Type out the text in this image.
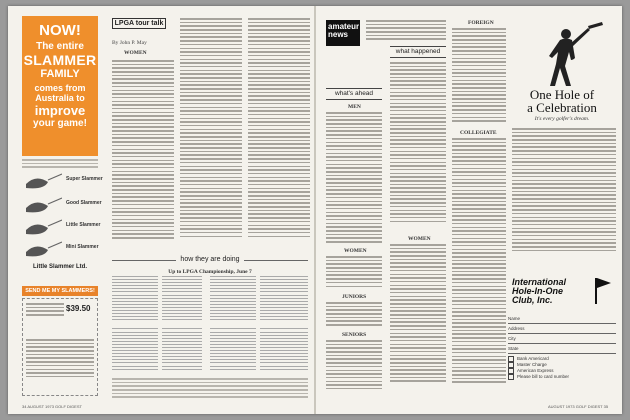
NOW!
The entire
SLAMMER
FAMILY
comes from
Australia to
improve
your game!
Super Slammer
Good Slammer
Little Slammer
Mini Slammer
Little Slammer Ltd.
SEND ME MY SLAMMERS!
$39.50
LPGA tour talk
By John P. May
WOMEN
how they are doing
Up to LPGA Championship, June 7
34 AUGUST 1973 GOLF DIGEST
amateur news
what's ahead
MEN
WOMEN
JUNIORS
SENIORS
what happened
WOMEN
FOREIGN
COLLEGIATE
One Hole of
a Celebration
It's every golfer's dream.
International
Hole-In-One
Club, Inc.
Name
Address
City
State
Bank Americard
Master Charge
American Express
Please bill to card number
AUGUST 1973 GOLF DIGEST 35
